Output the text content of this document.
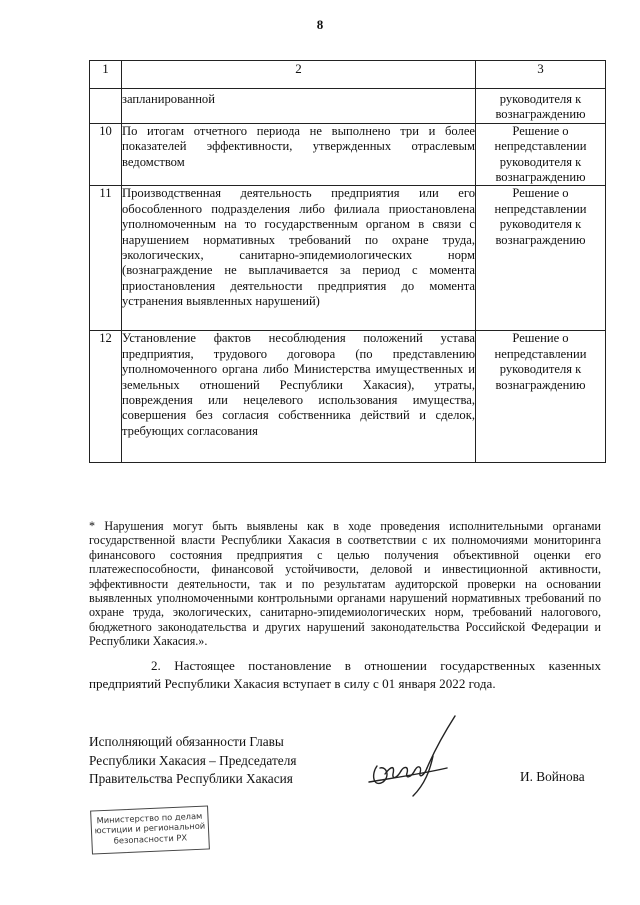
8
1	2	3
	запланированной	руководителя к вознаграждению
10	По итогам отчетного периода не выполнено три и более показателей эффективности, утвержденных отраслевым ведомством	Решение о непредставлении руководителя к вознаграждению
11	Производственная деятельность предприятия или его обособленного подразделения либо филиала приостановлена уполномоченным на то государственным органом в связи с нарушением нормативных требований по охране труда, экологических, санитарно-эпидемиологических норм (вознаграждение не выплачивается за период с момента приостановления деятельности предприятия до момента устранения выявленных нарушений)	Решение о непредставлении руководителя к вознаграждению
12	Установление фактов несоблюдения положений устава предприятия, трудового договора (по представлению уполномоченного органа либо Министерства имущественных и земельных отношений Республики Хакасия), утраты, повреждения или нецелевого использования имущества, совершения без согласия собственника действий и сделок, требующих согласования	Решение о непредставлении руководителя к вознаграждению
* Нарушения могут быть выявлены как в ходе проведения исполнительными органами государственной власти Республики Хакасия в соответствии с их полномочиями мониторинга финансового состояния предприятия с целью получения объективной оценки его платежеспособности, финансовой устойчивости, деловой и инвестиционной активности, эффективности деятельности, так и по результатам аудиторской проверки на основании выявленных уполномоченными контрольными органами нарушений нормативных требований по охране труда, экологических, санитарно-эпидемиологических норм, требований налогового, бюджетного законодательства и других нарушений законодательства Российской Федерации и Республики Хакасия.».
2. Настоящее постановление в отношении государственных казенных предприятий Республики Хакасия вступает в силу с 01 января 2022 года.
Исполняющий обязанности Главы
Республики Хакасия – Председателя
Правительства Республики Хакасия	И. Войнова
Министерство по делам
юстиции и региональной
безопасности РХ
